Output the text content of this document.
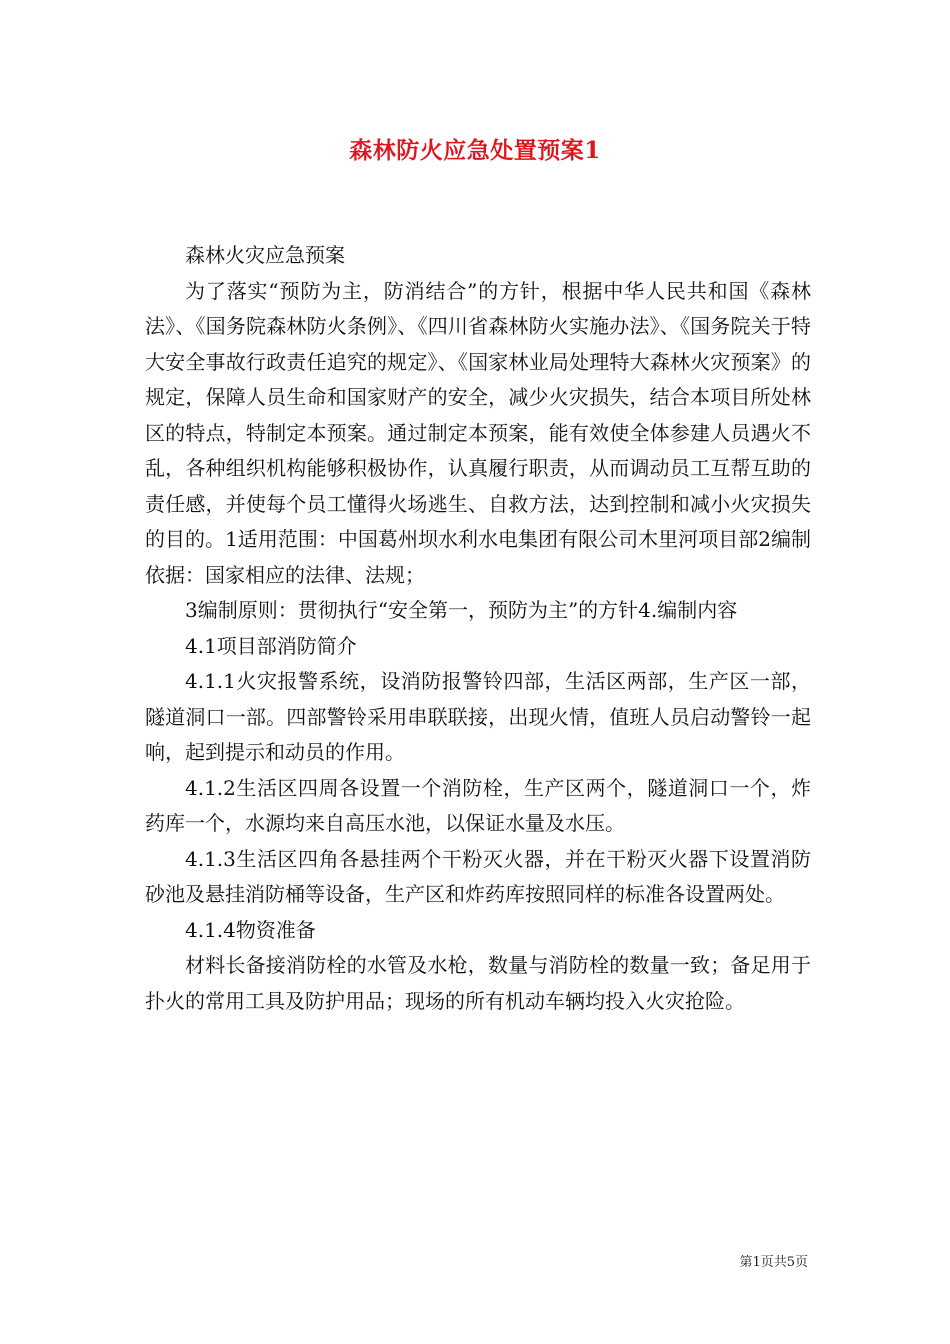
森林防火应急处置预案1

森林火灾应急预案

为了落实“预防为主，防消结合”的方针，根据中华人民共和国《森林法》、《国务院森林防火条例》、《四川省森林防火实施办法》、《国务院关于特大安全事故行政责任追究的规定》、《国家林业局处理特大森林火灾预案》的规定，保障人员生命和国家财产的安全，减少火灾损失，结合本项目所处林区的特点，特制定本预案。通过制定本预案，能有效使全体参建人员遇火不乱，各种组织机构能够积极协作，认真履行职责，从而调动员工互帮互助的责任感，并使每个员工懂得火场逃生、自救方法，达到控制和减小火灾损失的目的。1适用范围：中国葛州坝水利水电集团有限公司木里河项目部2编制依据：国家相应的法律、法规；

3编制原则：贯彻执行“安全第一，预防为主”的方针4.编制内容

4.1项目部消防简介

4.1.1火灾报警系统，设消防报警铃四部，生活区两部，生产区一部，隧道洞口一部。四部警铃采用串联联接，出现火情，值班人员启动警铃一起响，起到提示和动员的作用。

4.1.2生活区四周各设置一个消防栓，生产区两个，隧道洞口一个，炸药库一个，水源均来自高压水池，以保证水量及水压。

4.1.3生活区四角各悬挂两个干粉灭火器，并在干粉灭火器下设置消防砂池及悬挂消防桶等设备，生产区和炸药库按照同样的标准各设置两处。

4.1.4物资准备

材料长备接消防栓的水管及水枪，数量与消防栓的数量一致；备足用于扑火的常用工具及防护用品；现场的所有机动车辆均投入火灾抢险。

第1页共5页
